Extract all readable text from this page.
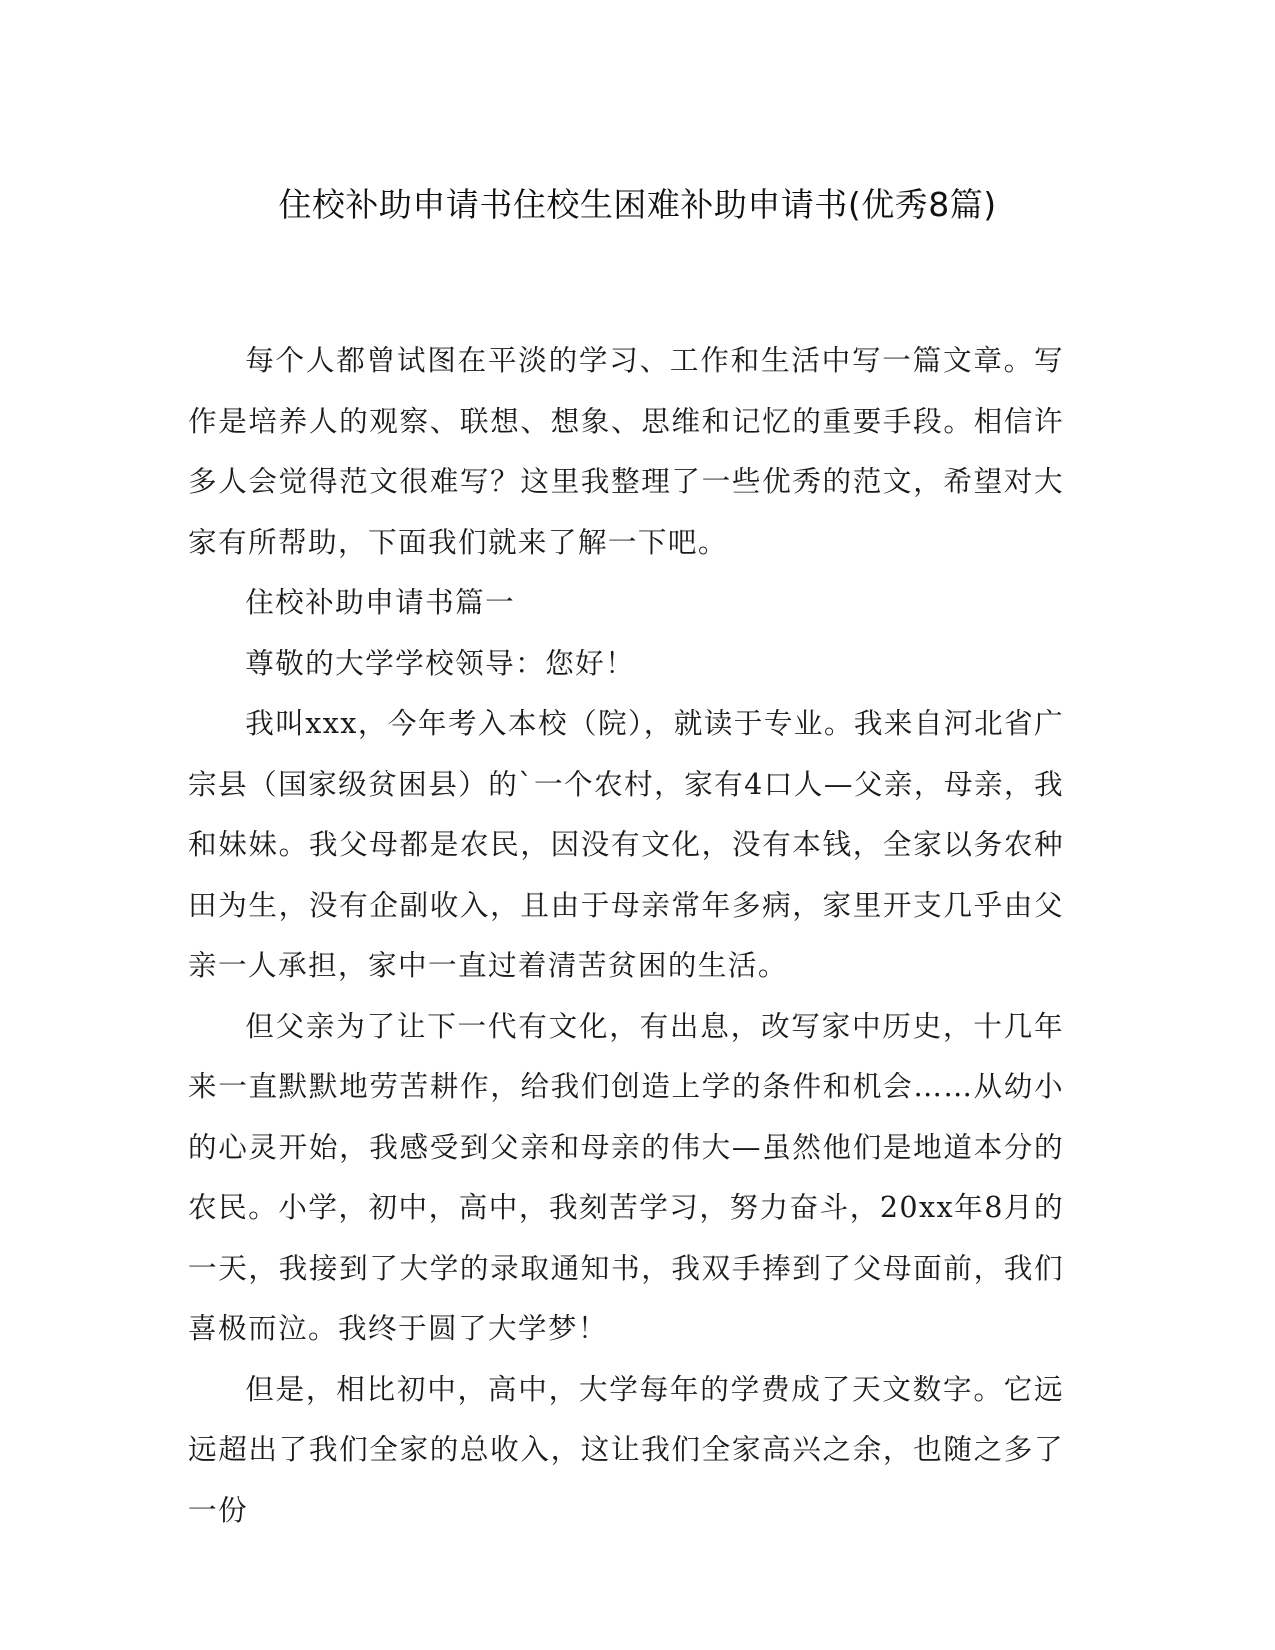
住校补助申请书住校生困难补助申请书(优秀8篇)

每个人都曾试图在平淡的学习、工作和生活中写一篇文章。写作是培养人的观察、联想、想象、思维和记忆的重要手段。相信许多人会觉得范文很难写？这里我整理了一些优秀的范文，希望对大家有所帮助，下面我们就来了解一下吧。

住校补助申请书篇一

尊敬的大学学校领导：您好！

我叫xxx，今年考入本校（院），就读于专业。我来自河北省广宗县（国家级贫困县）的`一个农村，家有4口人—父亲，母亲，我和妹妹。我父母都是农民，因没有文化，没有本钱，全家以务农种田为生，没有企副收入，且由于母亲常年多病，家里开支几乎由父亲一人承担，家中一直过着清苦贫困的生活。

但父亲为了让下一代有文化，有出息，改写家中历史，十几年来一直默默地劳苦耕作，给我们创造上学的条件和机会……从幼小的心灵开始，我感受到父亲和母亲的伟大—虽然他们是地道本分的农民。小学，初中，高中，我刻苦学习，努力奋斗，20xx年8月的一天，我接到了大学的录取通知书，我双手捧到了父母面前，我们喜极而泣。我终于圆了大学梦！

但是，相比初中，高中，大学每年的学费成了天文数字。它远远超出了我们全家的总收入，这让我们全家高兴之余，也随之多了一份
